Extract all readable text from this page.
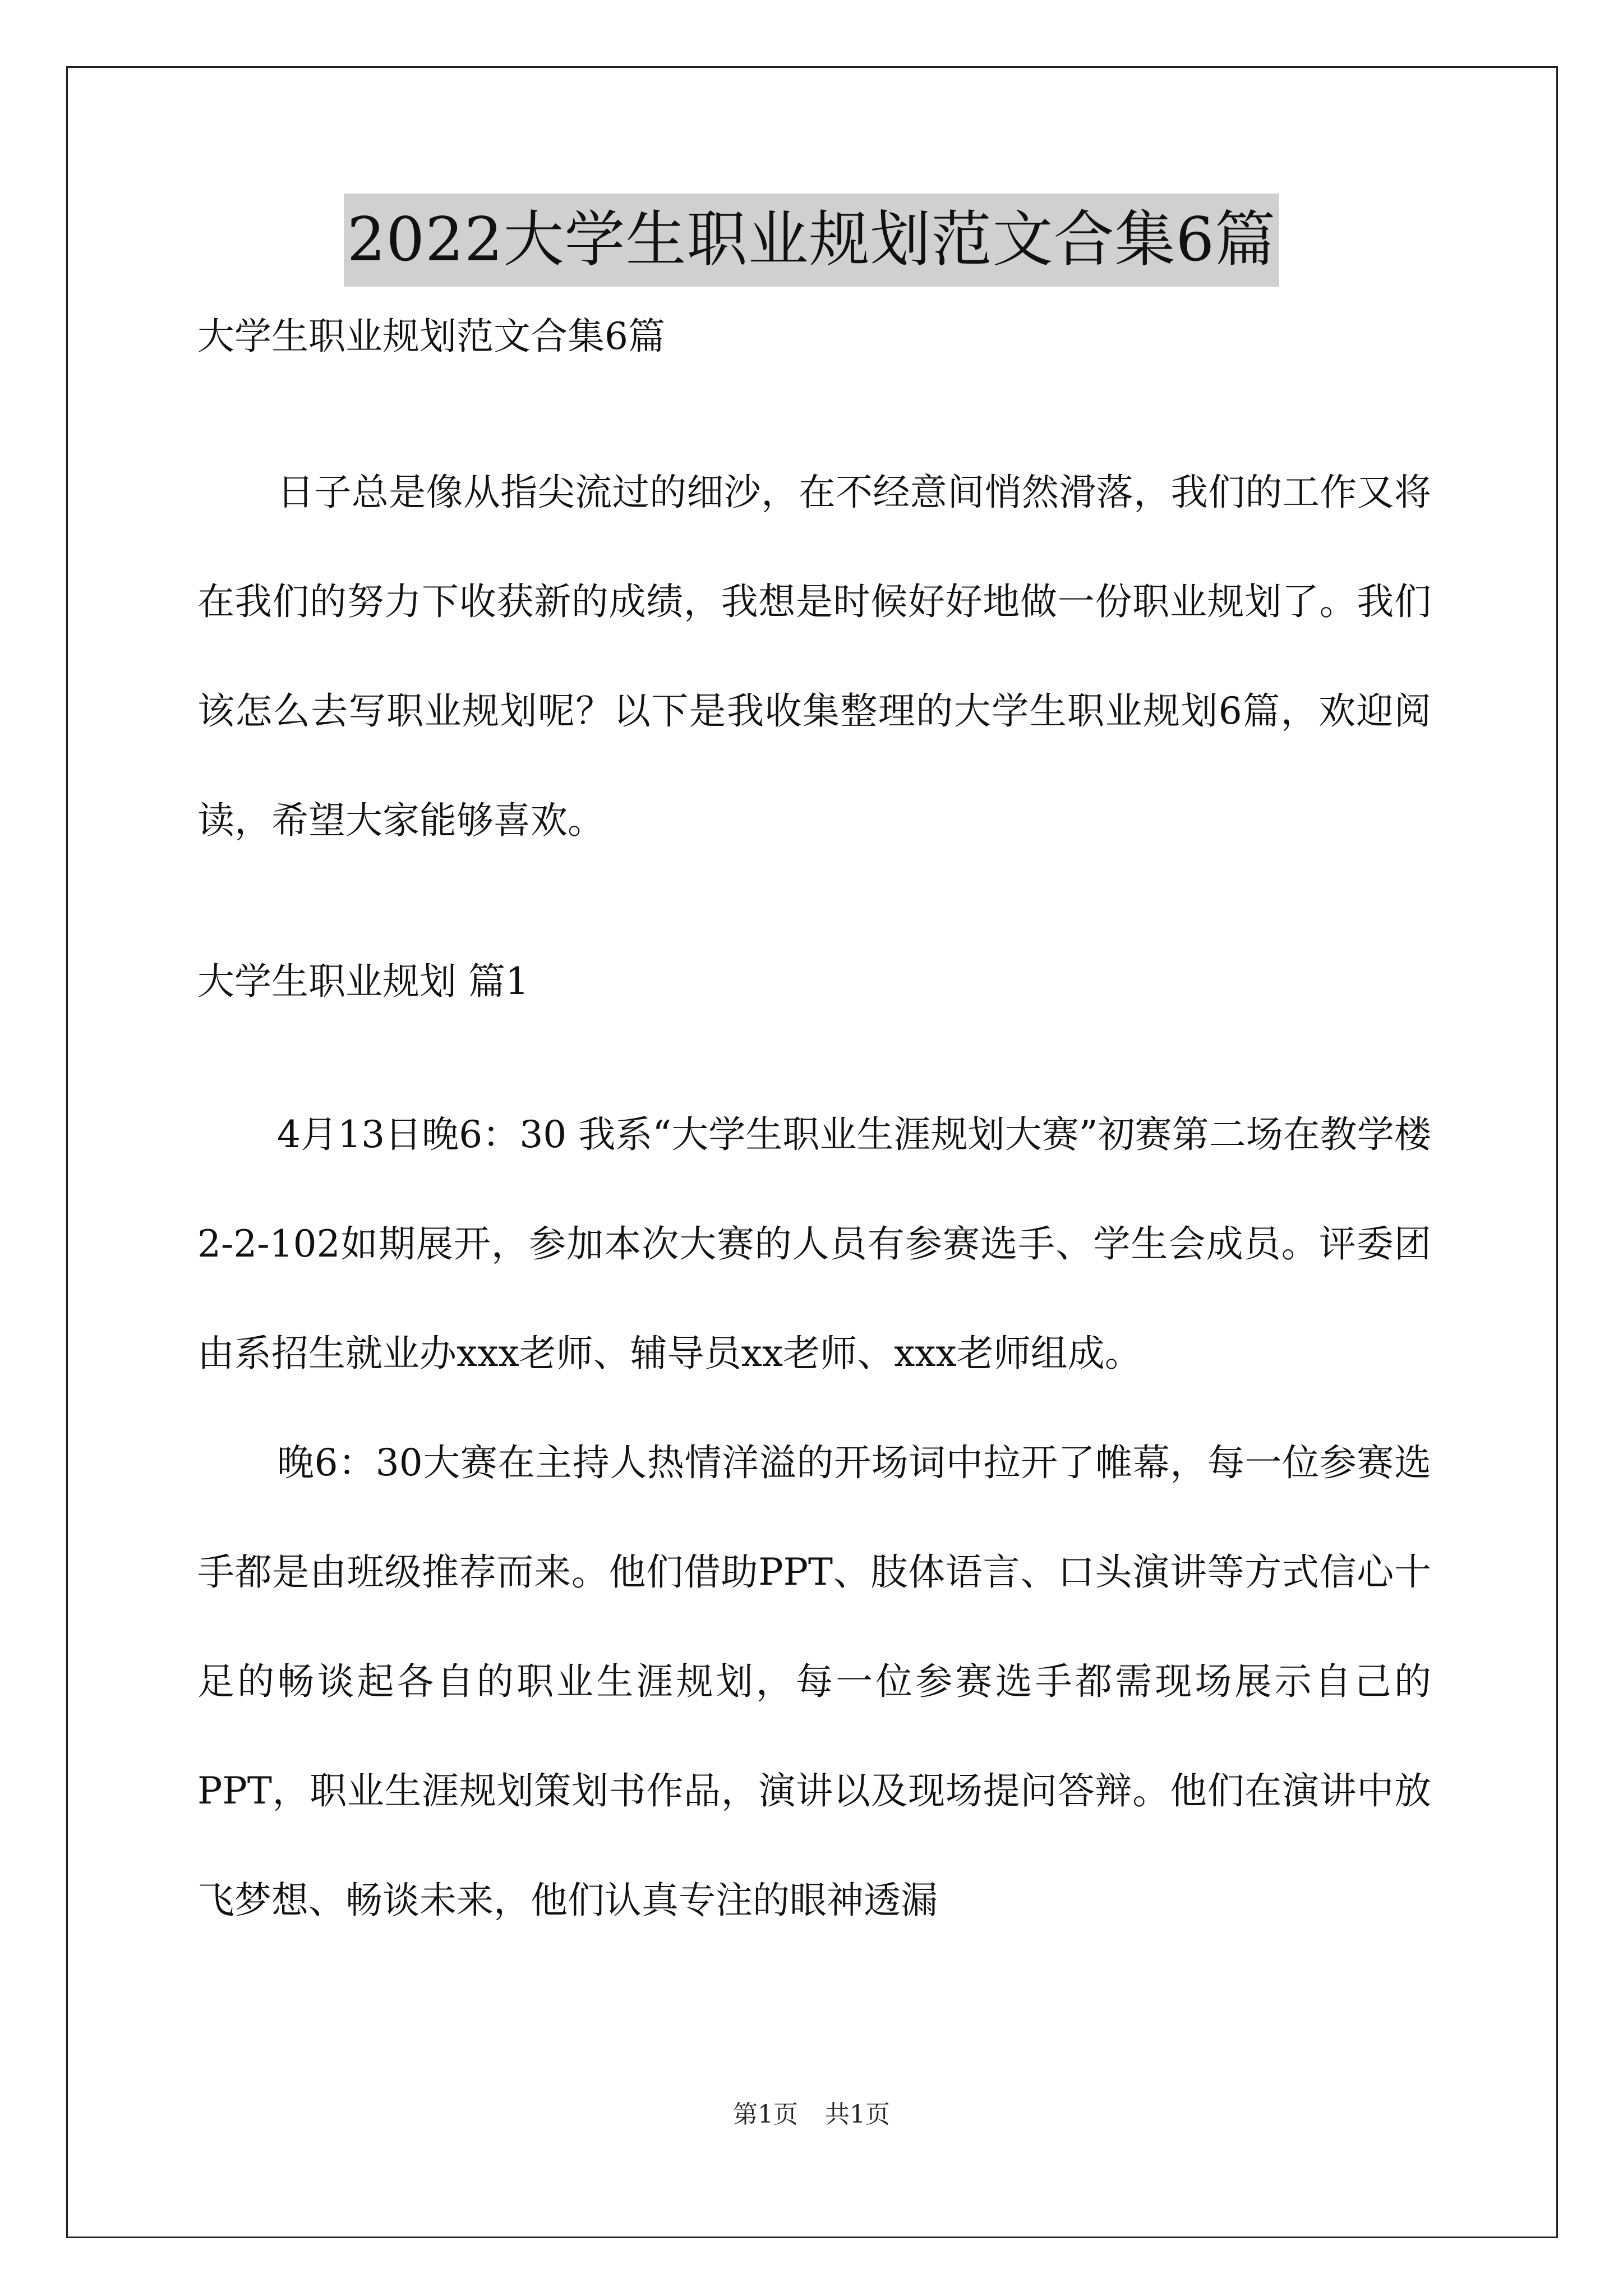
2022大学生职业规划范文合集6篇
大学生职业规划范文合集6篇

日子总是像从指尖流过的细沙，在不经意间悄然滑落，我们的工作又将在我们的努力下收获新的成绩，我想是时候好好地做一份职业规划了。我们该怎么去写职业规划呢？以下是我收集整理的大学生职业规划6篇，欢迎阅读，希望大家能够喜欢。

大学生职业规划 篇1

4月13日晚6：30 我系“大学生职业生涯规划大赛”初赛第二场在教学楼2-2-102如期展开，参加本次大赛的人员有参赛选手、学生会成员。评委团由系招生就业办xxx老师、辅导员xx老师、xxx老师组成。

晚6：30大赛在主持人热情洋溢的开场词中拉开了帷幕，每一位参赛选手都是由班级推荐而来。他们借助PPT、肢体语言、口头演讲等方式信心十足的畅谈起各自的职业生涯规划，每一位参赛选手都需现场展示自己的PPT，职业生涯规划策划书作品，演讲以及现场提问答辩。他们在演讲中放飞梦想、畅谈未来，他们认真专注的眼神透漏

第1页 共1页
